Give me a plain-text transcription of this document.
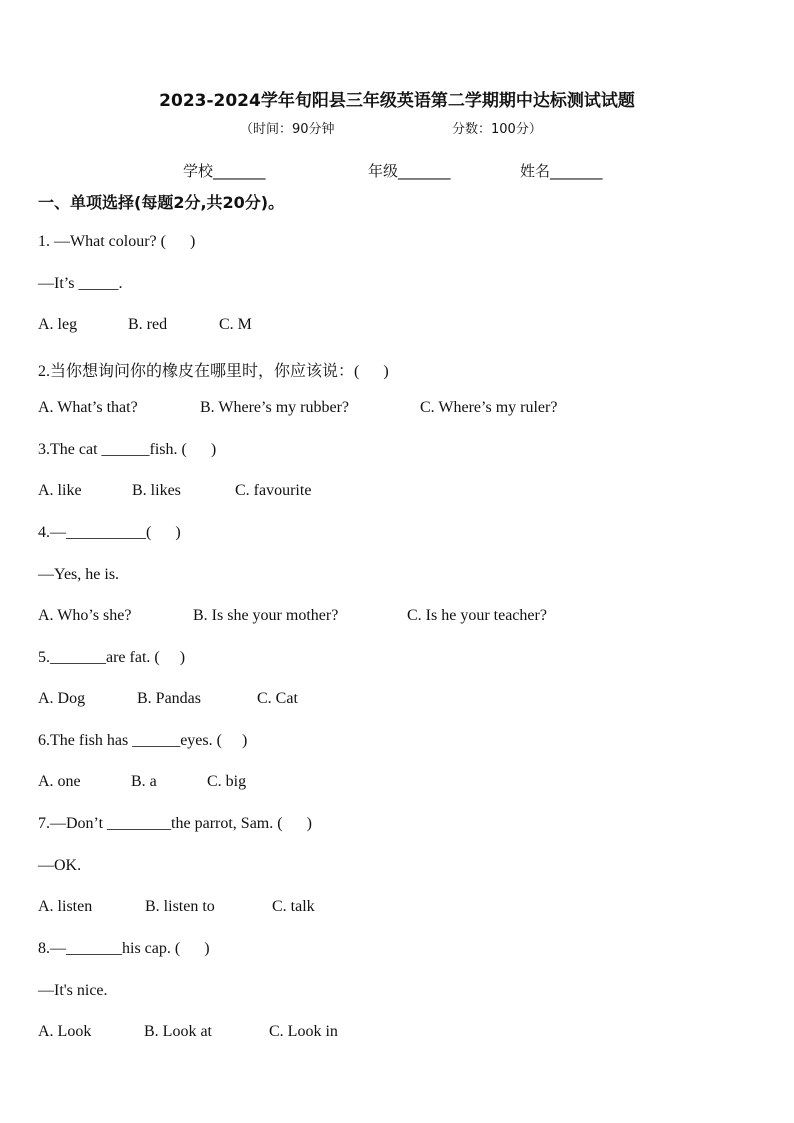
2023-2024学年旬阳县三年级英语第二学期期中达标测试试题
（时间：90分钟	分数：100分）
学校_______	年级_______	姓名_______
一、单项选择(每题2分,共20分)。
1. —What colour? (      )
—It’s _____.
A. leg	B. red	C. M
2.当你想询问你的橡皮在哪里时，你应该说：(      )
A. What’s that?	B. Where’s my rubber?	C. Where’s my ruler?
3.The cat ______fish. (      )
A. like	B. likes	C. favourite
4.—__________(      )
—Yes, he is.
A. Who’s she?	B. Is she your mother?	C. Is he your teacher?
5._______are fat. (     )
A. Dog	B. Pandas	C. Cat
6.The fish has ______eyes. (     )
A. one	B. a	C. big
7.—Don’t ________the parrot, Sam. (      )
—OK.
A. listen	B. listen to	C. talk
8.—_______his cap. (      )
—It's nice.
A. Look	B. Look at	C. Look in
